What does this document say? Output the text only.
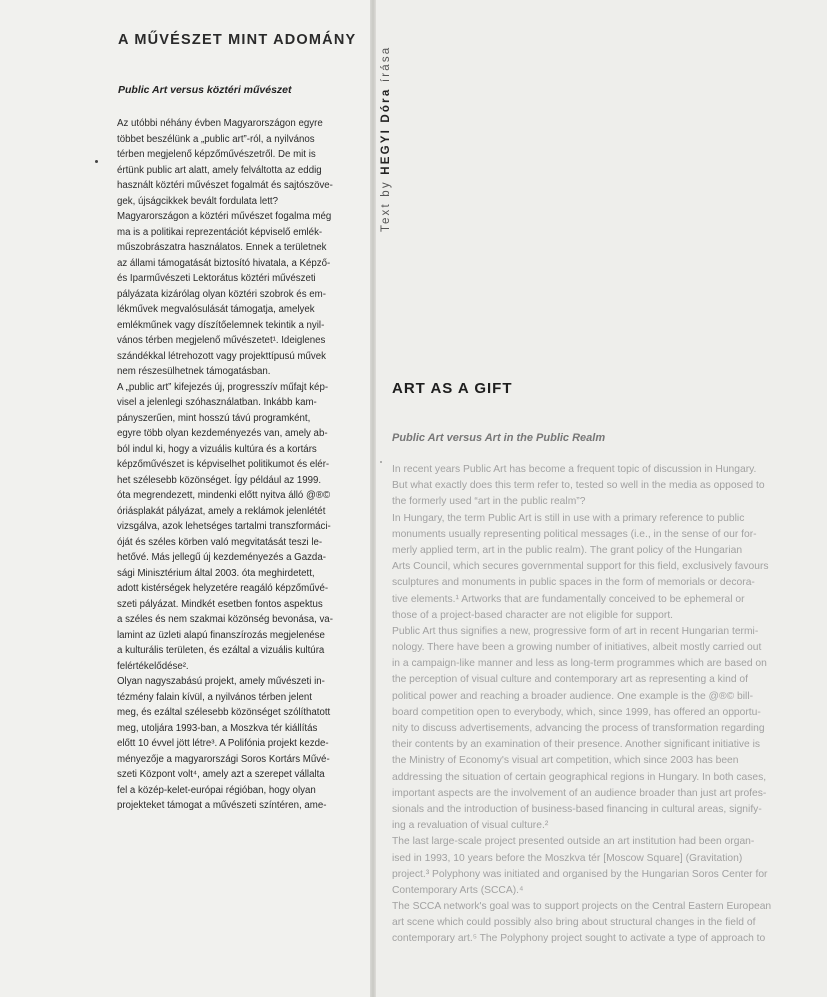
A MŰVÉSZET MINT ADOMÁNY
Public Art versus köztéri művészet

Az utóbbi néhány évben Magyarországon egyre
többet beszélünk a „public art”-ról, a nyilvános
térben megjelenő képzőművészetről. De mit is
értünk public art alatt, amely felváltotta az eddig
használt köztéri művészet fogalmát és sajtószöve-
gek, újságcikkek bevált fordulata lett?
Magyarországon a köztéri művészet fogalma még
ma is a politikai reprezentációt képviselő emlék-
műszobrászatra használatos. Ennek a területnek
az állami támogatását biztosító hivatala, a Képző-
és Iparművészeti Lektorátus köztéri művészeti
pályázata kizárólag olyan köztéri szobrok és em-
lékművek megvalósulását támogatja, amelyek
emlékműnek vagy díszítőelemnek tekintik a nyil-
vános térben megjelenő művészetet¹. Ideiglenes
szándékkal létrehozott vagy projekttípusú művek
nem részesülhetnek támogatásban.
A „public art” kifejezés új, progresszív műfajt kép-
visel a jelenlegi szóhasználatban. Inkább kam-
pányszerűen, mint hosszú távú programként,
egyre több olyan kezdeményezés van, amely ab-
ból indul ki, hogy a vizuális kultúra és a kortárs
képzőművészet is képviselhet politikumot és elér-
het szélesebb közönséget. Így például az 1999.
óta megrendezett, mindenki előtt nyitva álló @®©
óriásplakát pályázat, amely a reklámok jelenlétét
vizsgálva, azok lehetséges tartalmi transzformáci-
óját és széles körben való megvitatását teszi le-
hetővé. Más jellegű új kezdeményezés a Gazda-
sági Minisztérium által 2003. óta meghirdetett,
adott kistérségek helyzetére reagáló képzőművé-
szeti pályázat. Mindkét esetben fontos aspektus
a széles és nem szakmai közönség bevonása, va-
lamint az üzleti alapú finanszírozás megjelenése
a kulturális területen, és ezáltal a vizuális kultúra
felértékelődése².
Olyan nagyszabású projekt, amely művészeti in-
tézmény falain kívül, a nyilvános térben jelent
meg, és ezáltal szélesebb közönséget szólíthatott
meg, utoljára 1993-ban, a Moszkva tér kiállítás
előtt 10 évvel jött létre³. A Polifónia projekt kezde-
ményezője a magyarországi Soros Kortárs Művé-
szeti Központ volt⁴, amely azt a szerepet vállalta
fel a közép-kelet-európai régióban, hogy olyan
projekteket támogat a művészeti színtéren, ame-

Text by HEGYI Dóra írása
ART AS A GIFT
Public Art versus Art in the Public Realm

In recent years Public Art has become a frequent topic of discussion in Hungary.
But what exactly does this term refer to, tested so well in the media as opposed to
the formerly used “art in the public realm”?
In Hungary, the term Public Art is still in use with a primary reference to public
monuments usually representing political messages (i.e., in the sense of our for-
merly applied term, art in the public realm). The grant policy of the Hungarian
Arts Council, which secures governmental support for this field, exclusively favours
sculptures and monuments in public spaces in the form of memorials or decora-
tive elements.¹ Artworks that are fundamentally conceived to be ephemeral or
those of a project-based character are not eligible for support.
Public Art thus signifies a new, progressive form of art in recent Hungarian termi-
nology. There have been a growing number of initiatives, albeit mostly carried out
in a campaign-like manner and less as long-term programmes which are based on
the perception of visual culture and contemporary art as representing a kind of
political power and reaching a broader audience. One example is the @®© bill-
board competition open to everybody, which, since 1999, has offered an opportu-
nity to discuss advertisements, advancing the process of transformation regarding
their contents by an examination of their presence. Another significant initiative is
the Ministry of Economy's visual art competition, which since 2003 has been
addressing the situation of certain geographical regions in Hungary. In both cases,
important aspects are the involvement of an audience broader than just art profes-
sionals and the introduction of business-based financing in cultural areas, signify-
ing a revaluation of visual culture.²
The last large-scale project presented outside an art institution had been organ-
ised in 1993, 10 years before the Moszkva tér [Moscow Square] (Gravitation)
project.³ Polyphony was initiated and organised by the Hungarian Soros Center for
Contemporary Arts (SCCA).⁴
The SCCA network's goal was to support projects on the Central Eastern European
art scene which could possibly also bring about structural changes in the field of
contemporary art.⁵ The Polyphony project sought to activate a type of approach to
